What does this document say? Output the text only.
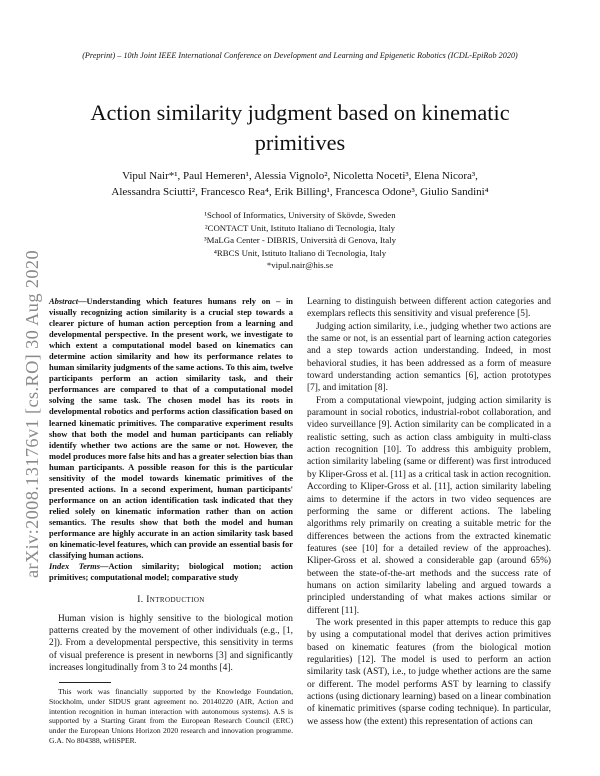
(Preprint) – 10th Joint IEEE International Conference on Development and Learning and Epigenetic Robotics (ICDL-EpiRob 2020)
arXiv:2008.13176v1 [cs.RO] 30 Aug 2020
Action similarity judgment based on kinematic primitives
Vipul Nair*¹, Paul Hemeren¹, Alessia Vignolo², Nicoletta Noceti³, Elena Nicora³,
Alessandra Sciutti², Francesco Rea⁴, Erik Billing¹, Francesca Odone³, Giulio Sandini⁴
¹School of Informatics, University of Skövde, Sweden
²CONTACT Unit, Istituto Italiano di Tecnologia, Italy
³MaLGa Center - DIBRIS, Università di Genova, Italy
⁴RBCS Unit, Istituto Italiano di Tecnologia, Italy
*vipul.nair@his.se
Abstract—Understanding which features humans rely on – in visually recognizing action similarity is a crucial step towards a clearer picture of human action perception from a learning and developmental perspective. In the present work, we investigate to which extent a computational model based on kinematics can determine action similarity and how its performance relates to human similarity judgments of the same actions. To this aim, twelve participants perform an action similarity task, and their performances are compared to that of a computational model solving the same task. The chosen model has its roots in developmental robotics and performs action classification based on learned kinematic primitives. The comparative experiment results show that both the model and human participants can reliably identify whether two actions are the same or not. However, the model produces more false hits and has a greater selection bias than human participants. A possible reason for this is the particular sensitivity of the model towards kinematic primitives of the presented actions. In a second experiment, human participants' performance on an action identification task indicated that they relied solely on kinematic information rather than on action semantics. The results show that both the model and human performance are highly accurate in an action similarity task based on kinematic-level features, which can provide an essential basis for classifying human actions.
Index Terms—Action similarity; biological motion; action primitives; computational model; comparative study
I. Introduction

Human vision is highly sensitive to the biological motion patterns created by the movement of other individuals (e.g., [1, 2]). From a developmental perspective, this sensitivity in terms of visual preference is present in newborns [3] and significantly increases longitudinally from 3 to 24 months [4].

This work was financially supported by the Knowledge Foundation, Stockholm, under SIDUS grant agreement no. 20140220 (AIR, Action and intention recognition in human interaction with autonomous systems). A.S is supported by a Starting Grant from the European Research Council (ERC) under the European Unions Horizon 2020 research and innovation programme. G.A. No 804388, wHiSPER.

Learning to distinguish between different action categories and exemplars reflects this sensitivity and visual preference [5].

Judging action similarity, i.e., judging whether two actions are the same or not, is an essential part of learning action categories and a step towards action understanding. Indeed, in most behavioral studies, it has been addressed as a form of measure toward understanding action semantics [6], action prototypes [7], and imitation [8].

From a computational viewpoint, judging action similarity is paramount in social robotics, industrial-robot collaboration, and video surveillance [9]. Action similarity can be complicated in a realistic setting, such as action class ambiguity in multi-class action recognition [10]. To address this ambiguity problem, action similarity labeling (same or different) was first introduced by Kliper-Gross et al. [11] as a critical task in action recognition. According to Kliper-Gross et al. [11], action similarity labeling aims to determine if the actors in two video sequences are performing the same or different actions. The labeling algorithms rely primarily on creating a suitable metric for the differences between the actions from the extracted kinematic features (see [10] for a detailed review of the approaches). Kliper-Gross et al. showed a considerable gap (around 65%) between the state-of-the-art methods and the success rate of humans on action similarity labeling and argued towards a principled understanding of what makes actions similar or different [11].

The work presented in this paper attempts to reduce this gap by using a computational model that derives action primitives based on kinematic features (from the biological motion regularities) [12]. The model is used to perform an action similarity task (AST), i.e., to judge whether actions are the same or different. The model performs AST by learning to classify actions (using dictionary learning) based on a linear combination of kinematic primitives (sparse coding technique). In particular, we assess how (the extent) this representation of actions can
